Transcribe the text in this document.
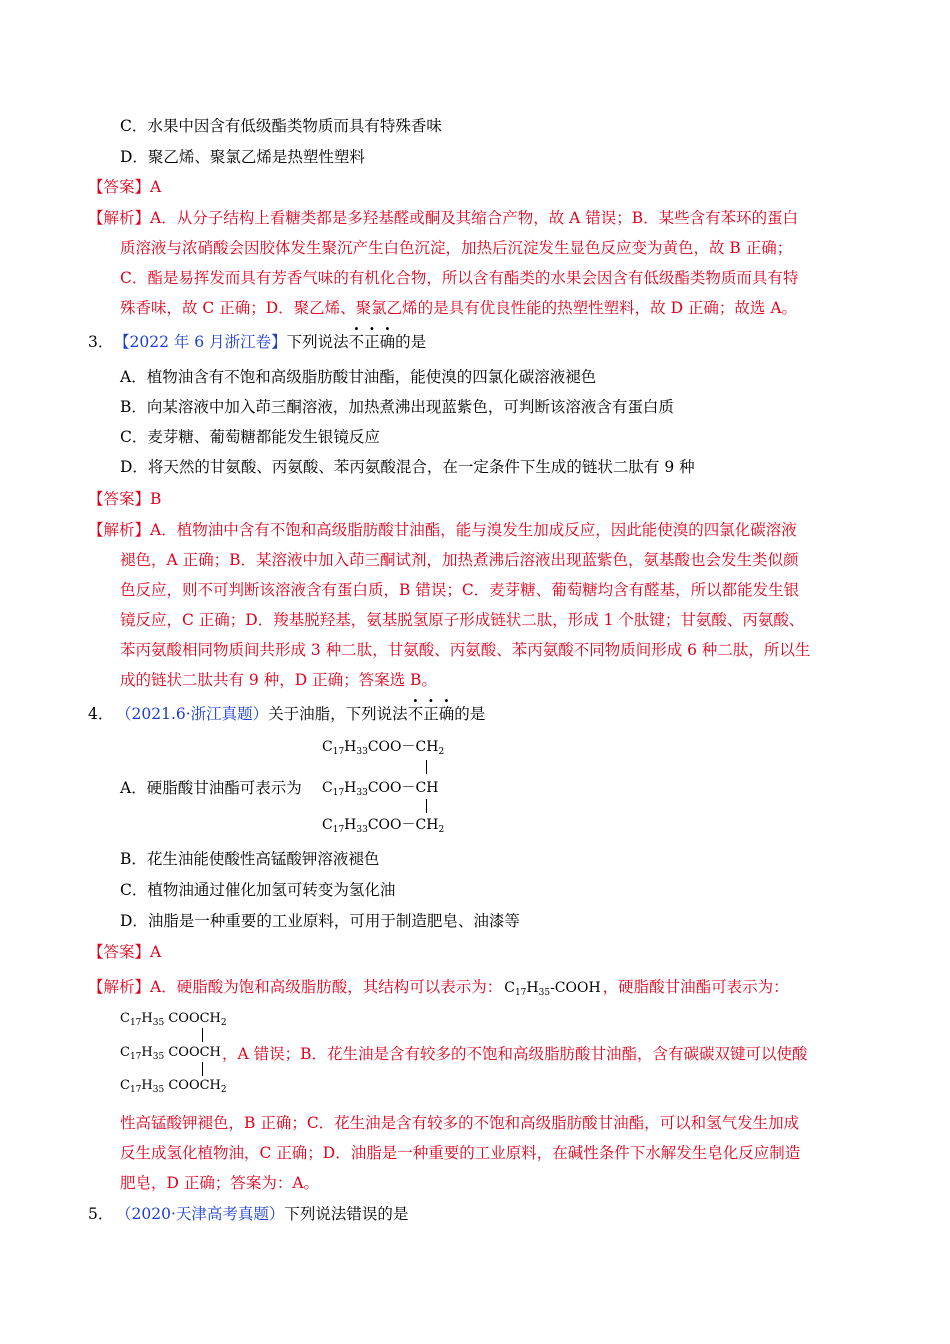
C．水果中因含有低级酯类物质而具有特殊香味
D．聚乙烯、聚氯乙烯是热塑性塑料
【答案】A
【解析】A．从分子结构上看糖类都是多羟基醛或酮及其缩合产物，故 A 错误；B．某些含有苯环的蛋白
质溶液与浓硝酸会因胶体发生聚沉产生白色沉淀，加热后沉淀发生显色反应变为黄色，故 B 正确；
C．酯是易挥发而具有芳香气味的有机化合物，所以含有酯类的水果会因含有低级酯类物质而具有特
殊香味，故 C 正确；D．聚乙烯、聚氯乙烯的是具有优良性能的热塑性塑料，故 D 正确；故选 A。
3． 【2022 年 6 月浙江卷】下列说法不正确的是
A．植物油含有不饱和高级脂肪酸甘油酯，能使溴的四氯化碳溶液褪色
B．向某溶液中加入茚三酮溶液，加热煮沸出现蓝紫色，可判断该溶液含有蛋白质
C．麦芽糖、葡萄糖都能发生银镜反应
D．将天然的甘氨酸、丙氨酸、苯丙氨酸混合，在一定条件下生成的链状二肽有 9 种
【答案】B
【解析】A．植物油中含有不饱和高级脂肪酸甘油酯，能与溴发生加成反应，因此能使溴的四氯化碳溶液
褪色，A 正确；B．某溶液中加入茚三酮试剂，加热煮沸后溶液出现蓝紫色，氨基酸也会发生类似颜
色反应，则不可判断该溶液含有蛋白质，B 错误；C．麦芽糖、葡萄糖均含有醛基，所以都能发生银
镜反应，C 正确；D．羧基脱羟基，氨基脱氢原子形成链状二肽，形成 1 个肽键；甘氨酸、丙氨酸、
苯丙氨酸相同物质间共形成 3 种二肽，甘氨酸、丙氨酸、苯丙氨酸不同物质间形成 6 种二肽，所以生
成的链状二肽共有 9 种，D 正确；答案选 B。
4． （2021.6·浙江真题）关于油脂，下列说法不正确的是
$C_{17}H_{33}COO-CH_2$
A．硬脂酸甘油酯可表示为 $C_{17}H_{33}COO-CH$
$C_{17}H_{33}COO-CH_2$
B．花生油能使酸性高锰酸钾溶液褪色
C．植物油通过催化加氢可转变为氢化油
D．油脂是一种重要的工业原料，可用于制造肥皂、油漆等
【答案】A
【解析】A．硬脂酸为饱和高级脂肪酸，其结构可以表示为： $C_{17}H_{35}$-COOH ，硬脂酸甘油酯可表示为：
$C_{17}H_{35}$ $COOCH_2$
$C_{17}H_{35}$ COOCH
$C_{17}H_{35}$ $COOCH_2$
，A 错误；B．花生油是含有较多的不饱和高级脂肪酸甘油酯，含有碳碳双键可以使酸
性高锰酸钾褪色，B 正确；C．花生油是含有较多的不饱和高级脂肪酸甘油酯，可以和氢气发生加成
反生成氢化植物油，C 正确；D．油脂是一种重要的工业原料，在碱性条件下水解发生皂化反应制造
肥皂，D 正确；答案为：A。
5． （2020·天津高考真题）下列说法错误的是
